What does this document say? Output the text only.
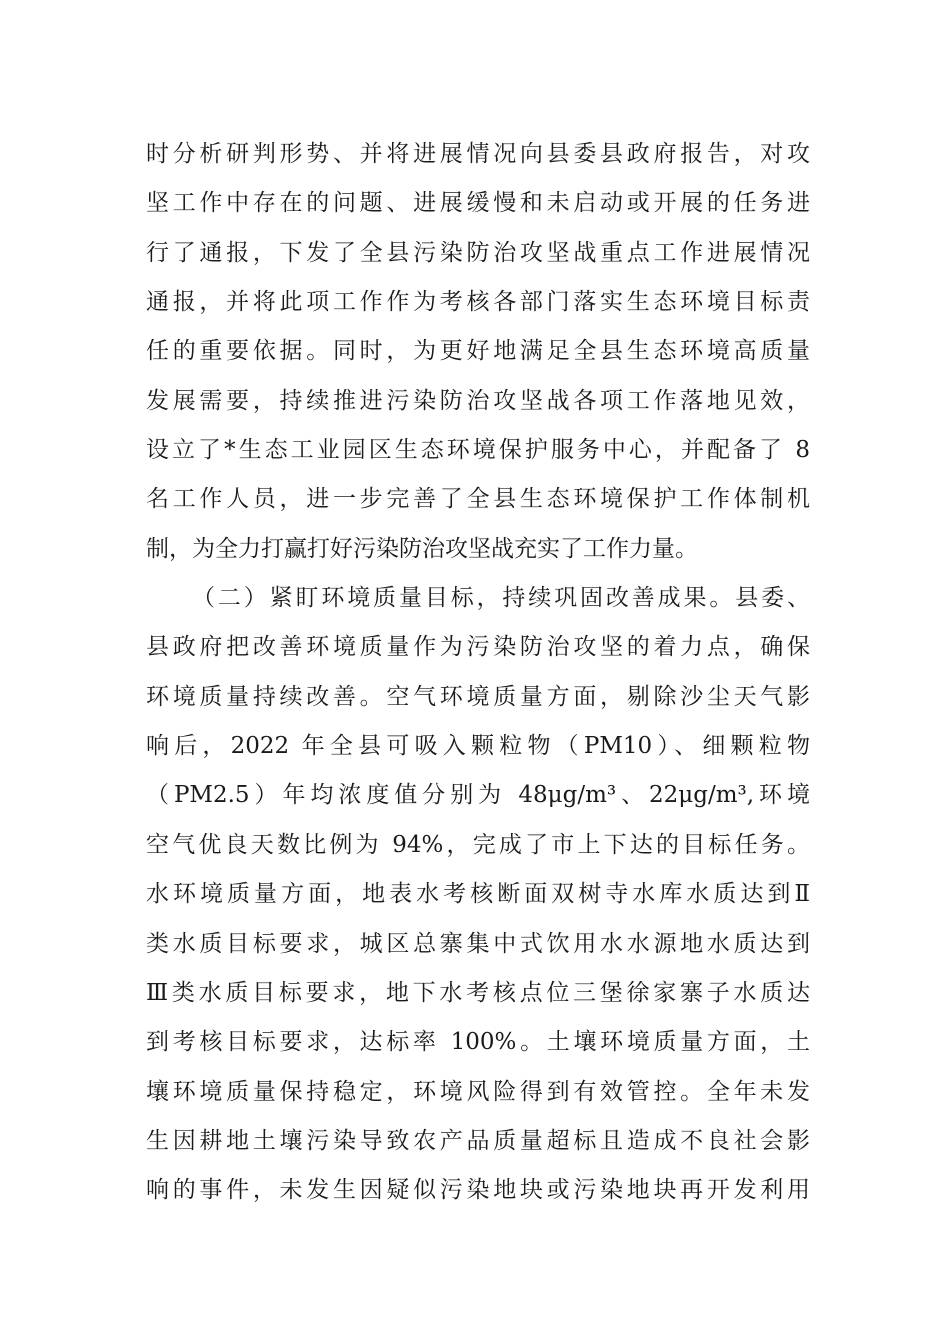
时分析研判形势、并将进展情况向县委县政府报告，对攻
坚工作中存在的问题、进展缓慢和未启动或开展的任务进
行了通报，下发了全县污染防治攻坚战重点工作进展情况
通报，并将此项工作作为考核各部门落实生态环境目标责
任的重要依据。同时，为更好地满足全县生态环境高质量
发展需要，持续推进污染防治攻坚战各项工作落地见效，
设立了*生态工业园区生态环境保护服务中心，并配备了 8
名工作人员，进一步完善了全县生态环境保护工作体制机
制，为全力打赢打好污染防治攻坚战充实了工作力量。
（二）紧盯环境质量目标，持续巩固改善成果。县委、
县政府把改善环境质量作为污染防治攻坚的着力点，确保
环境质量持续改善。空气环境质量方面，剔除沙尘天气影
响后，2022 年全县可吸入颗粒物（PM10）、细颗粒物
（PM2.5）年均浓度值分别为 48μg/m³、22μg/m³,环境
空气优良天数比例为 94%，完成了市上下达的目标任务。
水环境质量方面，地表水考核断面双树寺水库水质达到Ⅱ
类水质目标要求，城区总寨集中式饮用水水源地水质达到
Ⅲ类水质目标要求，地下水考核点位三堡徐家寨子水质达
到考核目标要求，达标率 100%。土壤环境质量方面，土
壤环境质量保持稳定，环境风险得到有效管控。全年未发
生因耕地土壤污染导致农产品质量超标且造成不良社会影
响的事件，未发生因疑似污染地块或污染地块再开发利用
